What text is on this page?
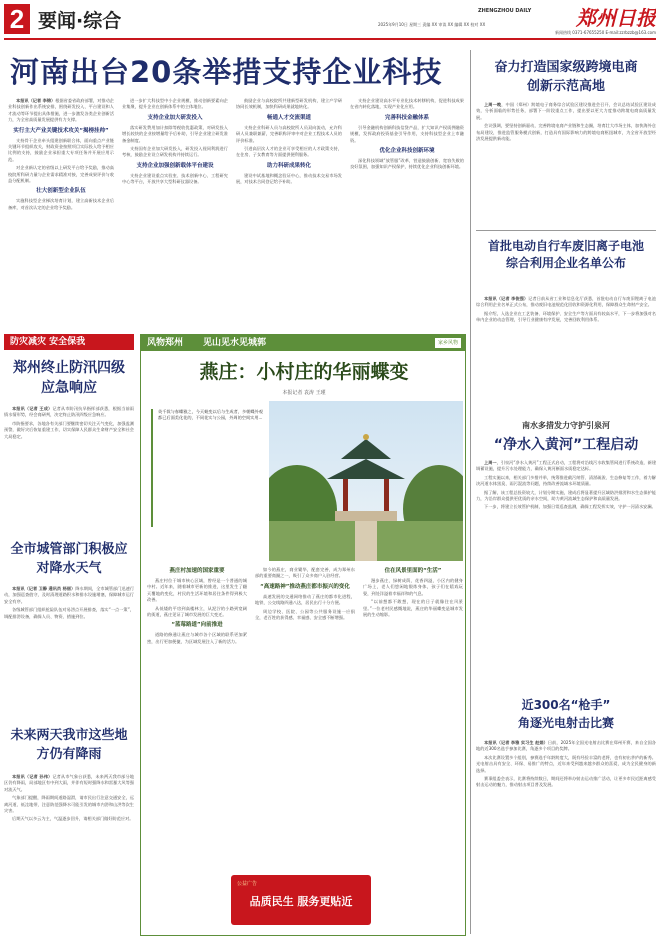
2 要闻·综合	郑州日报
ZHENGZHOU DAILY
2025年9月10日 星期三 责编 XX 审读 XX 编辑 XX 校对 XX
新闻热线 0371-67655250 E-mail:zzrbzzb@163.com
河南出台20条举措支持企业科技

本报讯（记者 李锦）根据省委省政府部署，对推动企业科技创新作出系统安排，围绕研发投入、平台建设和人才流动等环节提出具体措施，进一步激发各类企业创新活力，为全省高质量发展提供有力支撑。

实行主大产业关键技术攻关“揭榜挂帅”

支持骨干企业牵头组建创新联合体，面向重点产业链关键环节组织攻关，财政资金按照项目实际投入给予相应比例的支持，鼓励企业承担重大专项任务并开展应用示范。

对企业新认定的省级以上研发平台给予奖励，推动高校院所科研力量与企业需求精准对接，完善成果评价与收益分配机制。

壮大创新型企业队伍

实施科技型企业梯次培育计划，建立高新技术企业后备库，对首次认定的企业给予奖励。

进一步扩大科技型中小企业规模，推动创新要素向企业集聚，提升企业在创新体系中的主体地位。

支持企业加大研发投入

落实研发费用加计扣除等税收优惠政策，对研发投入增长较快的企业按增量给予后补助，引导企业建立研发准备金制度。

支持国有企业加大研发投入，研发投入视同利润进行考核，鼓励企业设立研发机构并持续运行。

支持企业加强创新载体平台建设

支持企业建设重点实验室、技术创新中心、工程研究中心等平台，开放共享大型科研仪器设备。

鼓励企业与高校院所共建新型研发机构，建立产学研协同长效机制，加快科研成果就地转化。

畅通人才交流渠道

支持企业科研人员与高校院所人员双向流动，允许科研人员兼职兼薪，完善职称评审中对企业工程技术人员的评价标准。

引进高层次人才的企业可享受相应的人才政策支持，在住房、子女教育等方面提供便利服务。

助力科研成果转化

建设中试基地和概念验证中心，推动技术交易市场发展，对技术合同登记给予补助。

支持企业建设高水平专业化技术转移机构，促进科技成果在省内转化落地，实现产业化应用。

完善科技金融体系

引导金融机构创新科技信贷产品，扩大知识产权质押融资规模，发挥政府投资基金引导作用，支持科技型企业上市融资。

优化企业科技创新环境

深化科技领域“放管服”改革，营造鼓励创新、宽容失败的良好氛围，加强知识产权保护，持续优化企业科技创新环境。

奋力打造国家级跨境电商创新示范高地

上周一晚，中国（郑州）跨境电子商务综合试验区建设推进会召开，会议总结试验区建设成效，分析面临的形势任务，部署下一阶段重点工作，提出要以更大力度推动跨境电商高质量发展。

会议强调，要坚持创新驱动，完善跨境电商产业链和生态圈，培育壮大市场主体，加快海外仓布局建设，推进监管服务模式创新，打造具有国际影响力的跨境电商枢纽城市，为全省开放型经济发展提供新动能。

首批电动自行车废旧离子电池综合利用企业名单公布

本报讯（记者 李俊强）记者日前从省工业和信息化厅获悉，首批电动自行车废旧锂离子电池综合利用企业名单正式公布，推动废旧电池规范化回收和资源化利用，保障群众生命财产安全。

据介绍，入选企业在工艺装备、环境保护、安全生产等方面具有较高水平，下一步将加强对名单内企业的动态管理，引导行业健康有序发展，完善回收利用体系。

南水多措发力守护引泉河
“净水入黄河”工程启动

上周一，引泉河“净水入黄河”工程正式启动，工程将对沿线污水收集管网进行系统改造，新建调蓄设施，提升污水处理能力，确保入黄河断面水质稳定达标。

工程实施以来，相关部门多措并举，统筹推进截污纳管、清淤疏浚、生态修复等工作，着力解决河道水体黑臭、雨污混流等问题，持续改善流域水环境质量。

据了解，该工程总投资较大，计划分期实施，建成后将显著提升区域防洪排涝和水生态保护能力，为沿岸群众提供更优质的亲水空间，助力黄河流域生态保护和高质量发展。

下一步，将建立长效管护机制，加强日常巡查监测，确保工程发挥实效，守护一河清水安澜。

近300名“枪手”
角逐光电射击比赛

本报讯（记者 李雅 实习生 赵娟）日前，2025年全国光电射击比赛在郑州开赛，来自全国各地的近300名选手参加比赛，角逐多个项目的奖牌。

本次比赛设置多个组别，参赛选手年龄跨度大，既有经验丰富的老将，也有初出茅庐的新秀。光电射击具有安全、环保、易推广的特点，近年来受到越来越多群众的喜爱，成为全民健身的新选择。

赛事组委会表示，比赛将持续数日，期间还将举办射击运动推广活动，让更多市民近距离感受射击运动的魅力，推动射击项目普及发展。

防灾减灾 安全保我
郑州终止防汛四级应急响应

本报讯（记者 王成）记者从市防汛抗旱指挥部获悉，根据当前雨情水情形势，经会商研判，决定终止防汛四级应急响应。

市防指要求，各地各有关部门要继续密切关注天气变化，加强监测预警，做好灾后恢复重建工作，切实保障人民群众生命财产安全和社会大局稳定。

全市城管部门积极应对降水天气

本报讯（记者 卫静 通讯员 杨丽）降水期间，全市城管部门迅速行动，加强巡查值守，及时清理道路积水和排水设施堵塞，保障城市运行安全有序。

各级城管部门组织抢险队伍对易涝点开展排查，落实“一点一策”，调配排涝设备，确保人员、物资、措施到位。

未来两天我市这些地方仍有降雨

本报讯（记者 孙伟）记者从市气象台获悉，未来两天我市部分地区仍有降雨，局部地区有中到大雨，并伴有短时强降水和雷暴大风等强对流天气。

气象部门提醒，降雨期间道路湿滑，请市民出行注意交通安全，远离河道、低洼地带，注意防范强降水可能引发的城市内涝和山洪等次生灾害。

后期天气以多云为主，气温逐步回升，请相关部门做好防范应对。

风物郑州 见山见水见城郭	家乡风物
燕庄：小村庄的华丽蝶变
本报记者 袁涛 王瑾

英千裁与春蝶雅之，今天蜕变以后与生成者，多朝蝶外观都已后面美化花的，不同花实与公园，外周的空间实用...

燕庄村加速的国家重要

燕庄村位于城市核心区域，曾经是一个普通的城中村。近年来，随着城市更新的推进，这里发生了翻天覆地的变化，村民的生活环境和居住条件得到极大改善。

从低矮的平房到高楼林立，从泥泞的小路到宽阔的街道，燕庄见证了城市发展的巨大变迁。

“蓝莓路道”向前推进

道路的修通让燕庄与城市各个区域的联系更加紧密，出行更加便捷，为区域发展注入了新的活力。

如今的燕庄，商业繁华，配套完善，成为郑州东部的重要商圈之一，吸引了众多商户入驻经营。

“高速路神”推动燕庄都市振兴的变化

高速发展的交通网络推动了燕庄的都市化进程，地铁、公交线路四通八达，居民出行十分方便。

周边学校、医院、公园等公共服务设施一应俱全，老百姓的获得感、幸福感、安全感不断增强。

住在风景里面的“生活”

漫步燕庄，绿树成荫，花香四溢，小区内的健身广场上，老人们悠闲地锻炼身体，孩子们在嬉戏玩耍，到处洋溢着幸福祥和的气息。

“以前想都不敢想，现在的日子就像住在风景里。”一位老村民感慨地说，燕庄的华丽蝶变是城市发展的生动缩影。

公益广告
品质民生 服务更贴近
